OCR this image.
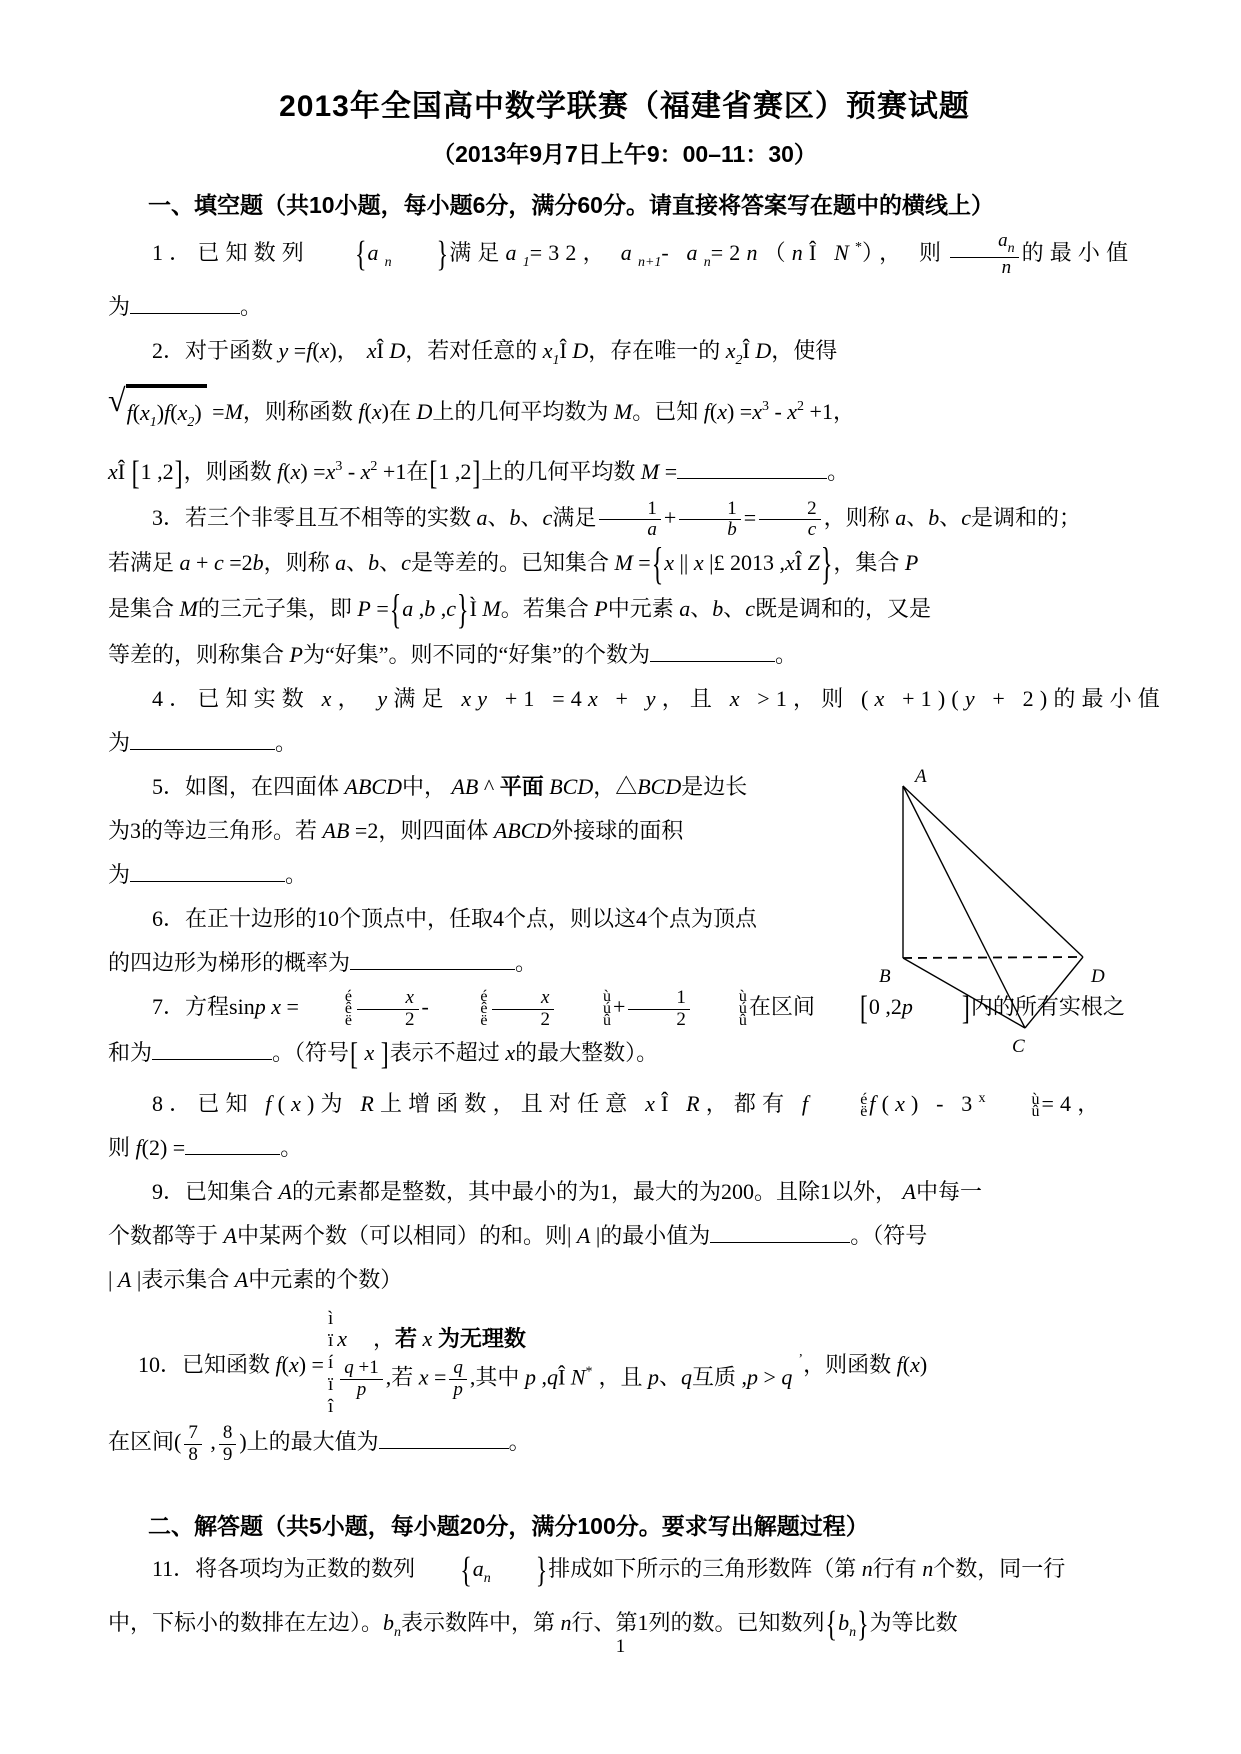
2013年全国高中数学联赛（福建省赛区）预赛试题
（2013年9月7日上午9：00–11：30）
一、填空题（共10小题，每小题6分，满分60分。请直接将答案写在题中的横线上）
1．已知数列 {$a_n$ }满足$a_1=32$， $a_{n+1}-$ $a_n=2n(nÎ$ N*）， 则 $\frac{a_n}{n}$ 的最小值
为	。
2．对于函数 y =f(x)， xÎ D，若对任意的 $x_1Î$ D，存在唯一的 $x_2Î$ D，使得
√ $f(x_1)f(x_2) =M$，则称函数 f(x)在 D上的几何平均数为 M。已知 $f(x) =x^3 - x^2 +1$，
xÎ [1 ,2]，则函数 $f(x) =x^3 - x^2 +1$在[1 ,2]上的几何平均数 M =	。
3．若三个非零且互不相等的实数 a、b、c满足 $\frac{1}{a} + \frac{1}{b} = \frac{2}{c}$ ，则称 a、b、c是调和的；
若满足 a + c =2b，则称 a、b、c是等差的。已知集合 M ={x || x |£ 2013 ,xÎ Z}，集合 P
是集合 M的三元子集，即 P ={a ,b ,c}Ì M。若集合 P中元素 a、b、c既是调和的，又是
等差的，则称集合 P为“好集”。则不同的“好集”的个数为	。
4．已知实数 x， y满足 xy +1 =4x + y，且 x >1，则 (x +1)(y + 2)的最小值
为	。
5．如图，在四面体 ABCD中， AB ^ 平面 BCD，△BCD是边长
为3的等边三角形。若 AB =2，则四面体 ABCD外接球的面积
为	。
6．在正十边形的10个顶点中，任取4个点，则以这4个点为顶点
的四边形为梯形的概率为	。
7．方程sinp x =	é
ê
ë $\frac{x}{2}$ -	é
ê
ë $\frac{x}{2}$	ù
ú
û
+ $\frac{1}{2}$	ù
ú
û
在区间 [0 ,2p ]内的所有实根之
和为	。（符号[ x ]表示不超过 x的最大整数）。
8．已知 f(x)为 R上增函数，且对任意 xÎ R，都有 f	é
ë f(x) - 3$^x$	ù
û =4，
则 f(2) =	。
9．已知集合 A的元素都是整数，其中最小的为1，最大的为200。且除1以外， A中每一
个数都等于 A中某两个数（可以相同）的和。则| A |的最小值为	。（符号
| A |表示集合 A中元素的个数）
10．已知函数 f(x) =
ì
ï
í
ï
î
x ，若 x 为无理数
$\frac{q +1}{p}$ ,若 $x = \frac{q}{p}$ ,其中 p ,qÎ N* ，且 p、q互质 ,p > q
’，则函数 f(x)
在区间( $\frac{7}{8}$ , $\frac{8}{9}$ )上的最大值为	。
二、解答题（共5小题，每小题20分，满分100分。要求写出解题过程）
11．将各项均为正数的数列 {$a_n$ }排成如下所示的三角形数阵（第 n行有 n个数，同一行
中，下标小的数排在左边）。$b_n$表示数阵中，第 n行、第1列的数。已知数列$\{b_n\}$为等比数
A
B
C
D
1
